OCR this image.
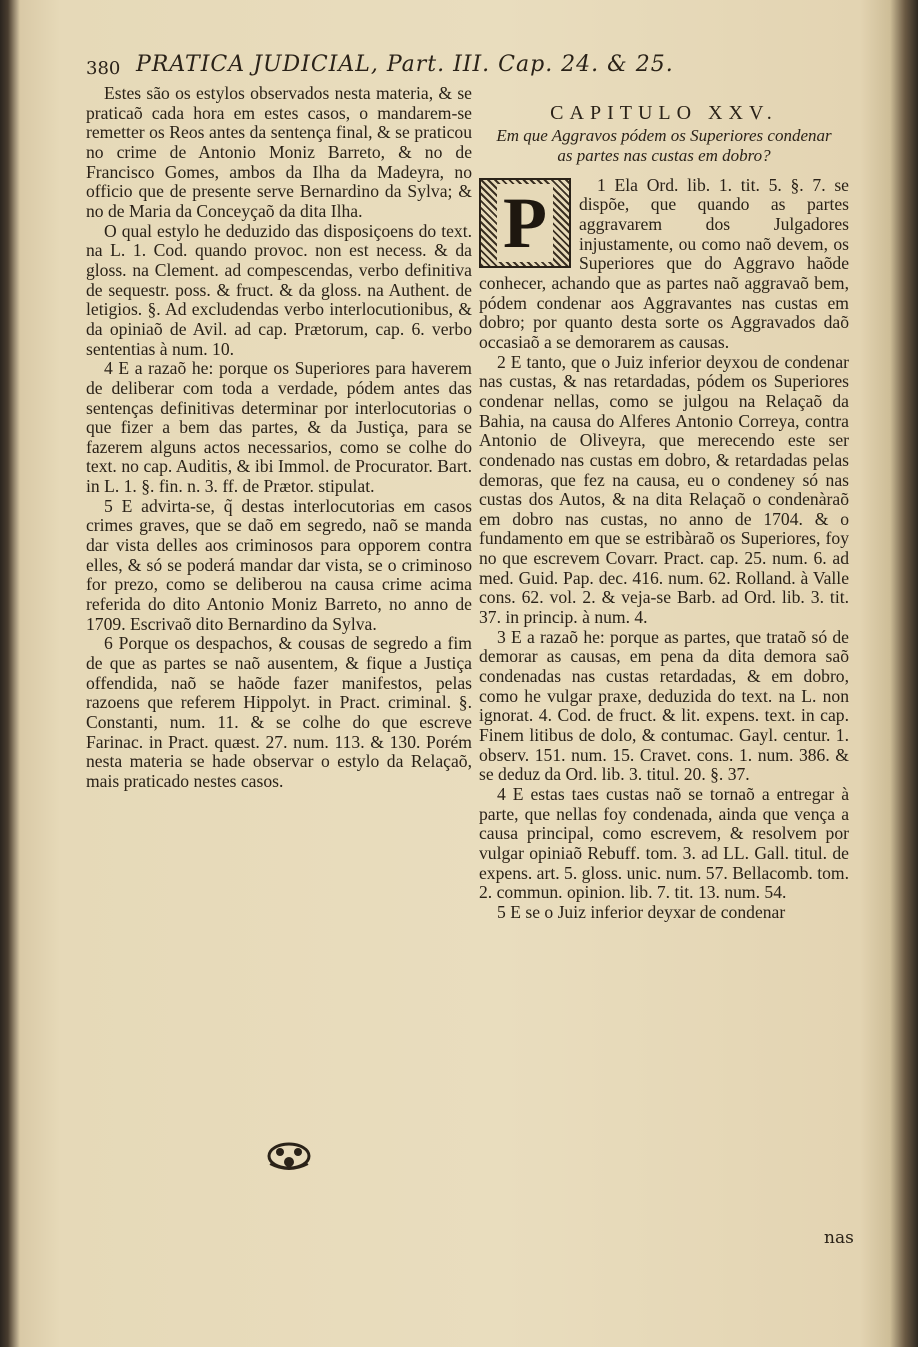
380 PRATICA JUDICIAL, Part. III. Cap. 24. & 25.

Estes são os estylos observados nesta materia, & se praticaõ cada hora em estes casos, o mandarem-se remetter os Reos antes da sentença final, & se praticou no crime de Antonio Moniz Barreto, & no de Francisco Gomes, ambos da Ilha da Madeyra, no officio que de presente serve Bernardino da Sylva; & no de Maria da Conceyçaõ da dita Ilha.

O qual estylo he deduzido das disposiçoens do text. na L. 1. Cod. quando provoc. non est necess. & da gloss. na Clement. ad compescendas, verbo definitiva de sequestr. poss. & fruct. & da gloss. na Authent. de letigios. §. Ad excludendas verbo interlocutionibus, & da opiniaõ de Avil. ad cap. Prætorum, cap. 6. verbo sententias à num. 10.

4 E a razaõ he: porque os Superiores para haverem de deliberar com toda a verdade, pódem antes das sentenças definitivas determinar por interlocutorias o que fizer a bem das partes, & da Justiça, para se fazerem alguns actos necessarios, como se colhe do text. no cap. Auditis, & ibi Immol. de Procurator. Bart. in L. 1. §. fin. n. 3. ff. de Prætor. stipulat.

5 E advirta-se, q̃ destas interlocutorias em casos crimes graves, que se daõ em segredo, naõ se manda dar vista delles aos criminosos para opporem contra elles, & só se poderá mandar dar vista, se o criminoso for prezo, como se deliberou na causa crime acima referida do dito Antonio Moniz Barreto, no anno de 1709. Escrivaõ dito Bernardino da Sylva.

6 Porque os despachos, & cousas de segredo a fim de que as partes se naõ ausentem, & fique a Justiça offendida, naõ se haõde fazer manifestos, pelas razoens que referem Hippolyt. in Pract. criminal. §. Constanti, num. 11. & se colhe do que escreve Farinac. in Pract. quæst. 27. num. 113. & 130. Porém nesta materia se hade observar o estylo da Relaçaõ, mais praticado nestes casos.

CAPITULO XXV.
Em que Aggravos pódem os Superiores condenar as partes nas custas em dobro?
P	1 Ela Ord. lib. 1. tit. 5. §. 7. se dispõe, que quando as partes aggravarem dos Julgadores injustamente, ou como naõ devem, os Superiores que do Aggravo haõde conhecer, achando que as partes naõ aggravaõ bem, pódem condenar aos Aggravantes nas custas em dobro; por quanto desta sorte os Aggravados daõ occasiaõ a se demorarem as causas.

2 E tanto, que o Juiz inferior deyxou de condenar nas custas, & nas retardadas, pódem os Superiores condenar nellas, como se julgou na Relaçaõ da Bahia, na causa do Alferes Antonio Correya, contra Antonio de Oliveyra, que merecendo este ser condenado nas custas em dobro, & retardadas pelas demoras, que fez na causa, eu o condeney só nas custas dos Autos, & na dita Relaçaõ o condenàraõ em dobro nas custas, no anno de 1704. & o fundamento em que se estribàraõ os Superiores, foy no que escrevem Covarr. Pract. cap. 25. num. 6. ad med. Guid. Pap. dec. 416. num. 62. Rolland. à Valle cons. 62. vol. 2. & veja-se Barb. ad Ord. lib. 3. tit. 37. in princip. à num. 4.

3 E a razaõ he: porque as partes, que trataõ só de demorar as causas, em pena da dita demora saõ condenadas nas custas retardadas, & em dobro, como he vulgar praxe, deduzida do text. na L. non ignorat. 4. Cod. de fruct. & lit. expens. text. in cap. Finem litibus de dolo, & contumac. Gayl. centur. 1. observ. 151. num. 15. Cravet. cons. 1. num. 386. & se deduz da Ord. lib. 3. titul. 20. §. 37.

4 E estas taes custas naõ se tornaõ a entregar à parte, que nellas foy condenada, ainda que vença a causa principal, como escrevem, & resolvem por vulgar opiniaõ Rebuff. tom. 3. ad LL. Gall. titul. de expens. art. 5. gloss. unic. num. 57. Bellacomb. tom. 2. commun. opinion. lib. 7. tit. 13. num. 54.

5 E se o Juiz inferior deyxar de condenar

nas
